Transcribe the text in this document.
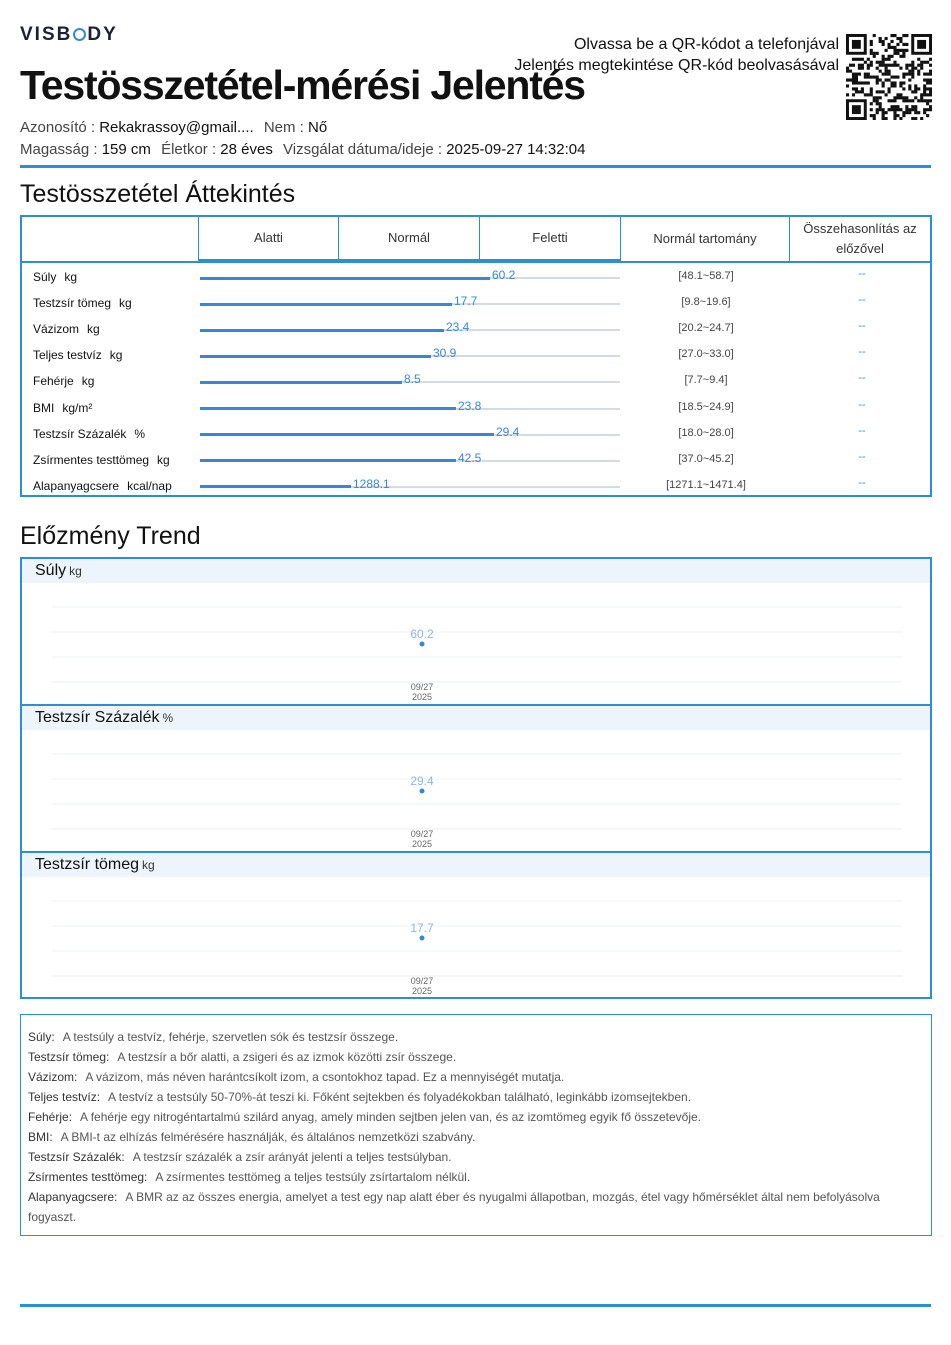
VISB DY	Olvassa be a QR-kódot a telefonjával
Jelentés megtekintése QR-kód beolvasásával
Testösszetétel-mérési Jelentés
Azonosító : Rekakrassoy@gmail.... Nem : Nő
Magasság : 159 cm Életkor : 28 éves Vizsgálat dátuma/ideje : 2025-09-27 14:32:04
Testösszetétel Áttekintés
Alatti	Normál	Feletti	Normál tartomány
Összehasonlítás az előzővel
Súly kg	60.2	[48.1~58.7]	--
Testzsír tömeg kg	17.7	[9.8~19.6]	--
Vázizom kg	23.4	[20.2~24.7]	--
Teljes testvíz kg	30.9	[27.0~33.0]	--
Fehérje kg	8.5	[7.7~9.4]	--
BMI kg/m²	23.8	[18.5~24.9]	--
Testzsír Százalék %	29.4	[18.0~28.0]	--
Zsírmentes testtömeg kg	42.5	[37.0~45.2]	--
Alapanyagcsere kcal/nap	1288.1	[1271.1~1471.4]	--
Előzmény Trend
60.2
09/27
2025
Súly kg
29.4
09/27
2025
Testzsír Százalék %
17.7
09/27
2025
Testzsír tömeg kg
Súly: A testsúly a testvíz, fehérje, szervetlen sók és testzsír összege.
Testzsír tömeg: A testzsír a bőr alatti, a zsigeri és az izmok közötti zsír összege.
Vázizom: A vázizom, más néven harántcsíkolt izom, a csontokhoz tapad. Ez a mennyiségét mutatja.
Teljes testvíz: A testvíz a testsúly 50-70%-át teszi ki. Főként sejtekben és folyadékokban található, leginkább izomsejtekben.
Fehérje: A fehérje egy nitrogéntartalmú szilárd anyag, amely minden sejtben jelen van, és az izomtömeg egyik fő összetevője.
BMI: A BMI-t az elhízás felmérésére használják, és általános nemzetközi szabvány.
Testzsír Százalék: A testzsír százalék a zsír arányát jelenti a teljes testsúlyban.
Zsírmentes testtömeg: A zsírmentes testtömeg a teljes testsúly zsírtartalom nélkül.
Alapanyagcsere: A BMR az az összes energia, amelyet a test egy nap alatt éber és nyugalmi állapotban, mozgás, étel vagy hőmérséklet által nem befolyásolva fogyaszt.
